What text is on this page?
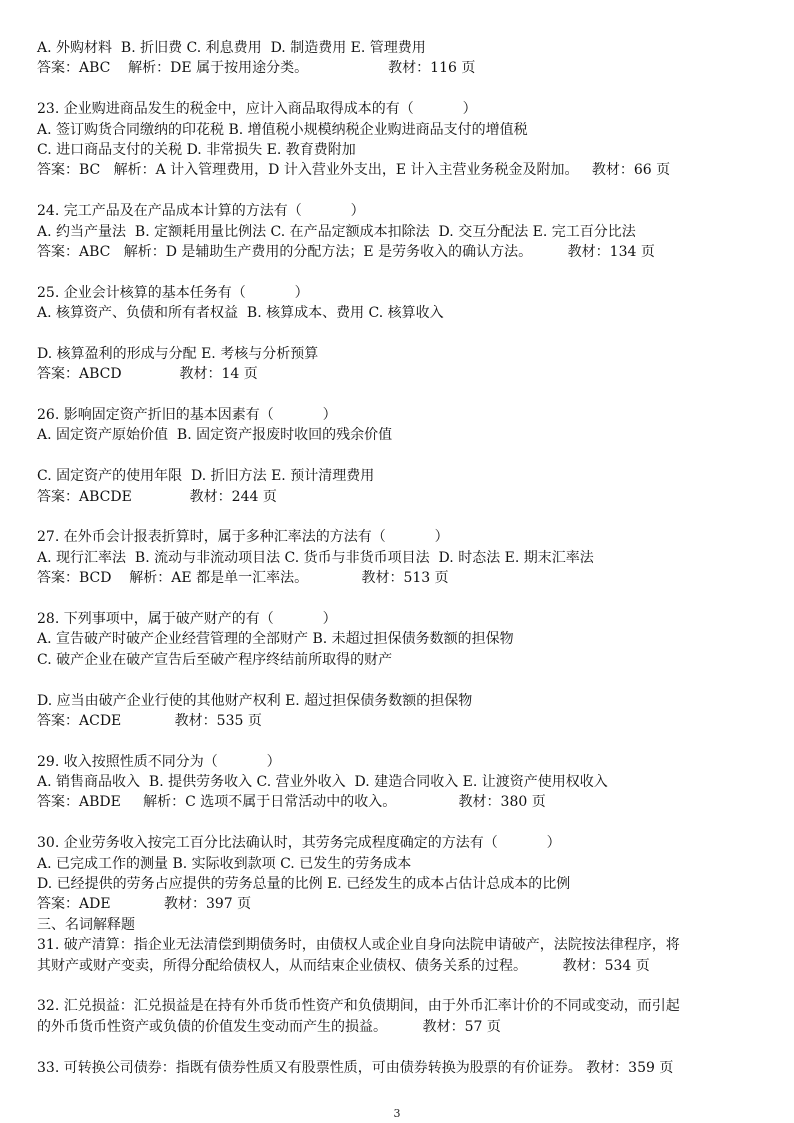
A. 外购材料  B. 折旧费 C. 利息费用  D. 制造费用 E. 管理费用
答案：ABC    解析：DE 属于按用途分类。                  教材：116 页
23. 企业购进商品发生的税金中，应计入商品取得成本的有（           ）
A. 签订购货合同缴纳的印花税 B. 增值税小规模纳税企业购进商品支付的增值税
C. 进口商品支付的关税 D. 非常损失 E. 教育费附加
答案：BC   解析：A 计入管理费用，D 计入营业外支出，E 计入主营业务税金及附加。   教材：66 页
24. 完工产品及在产品成本计算的方法有（           ）
A. 约当产量法  B. 定额耗用量比例法 C. 在产品定额成本扣除法  D. 交互分配法 E. 完工百分比法
答案：ABC   解析：D 是辅助生产费用的分配方法；E 是劳务收入的确认方法。        教材：134 页
25. 企业会计核算的基本任务有（           ）
A. 核算资产、负债和所有者权益  B. 核算成本、费用 C. 核算收入
D. 核算盈利的形成与分配 E. 考核与分析预算
答案：ABCD             教材：14 页
26. 影响固定资产折旧的基本因素有（           ）
A. 固定资产原始价值  B. 固定资产报废时收回的残余价值
C. 固定资产的使用年限  D. 折旧方法 E. 预计清理费用
答案：ABCDE             教材：244 页
27. 在外币会计报表折算时，属于多种汇率法的方法有（           ）
A. 现行汇率法  B. 流动与非流动项目法 C. 货币与非货币项目法  D. 时态法 E. 期末汇率法
答案：BCD    解析：AE 都是单一汇率法。            教材：513 页
28. 下列事项中，属于破产财产的有（           ）
A. 宣告破产时破产企业经营管理的全部财产 B. 未超过担保债务数额的担保物
C. 破产企业在破产宣告后至破产程序终结前所取得的财产
D. 应当由破产企业行使的其他财产权利 E. 超过担保债务数额的担保物
答案：ACDE            教材：535 页
29. 收入按照性质不同分为（           ）
A. 销售商品收入  B. 提供劳务收入 C. 营业外收入  D. 建造合同收入 E. 让渡资产使用权收入
答案：ABDE     解析：C 选项不属于日常活动中的收入。              教材：380 页
30. 企业劳务收入按完工百分比法确认时，其劳务完成程度确定的方法有（           ）
A. 已完成工作的测量 B. 实际收到款项 C. 已发生的劳务成本
D. 已经提供的劳务占应提供的劳务总量的比例 E. 已经发生的成本占估计总成本的比例
答案：ADE            教材：397 页
三、名词解释题
31. 破产清算：指企业无法清偿到期债务时，由债权人或企业自身向法院申请破产，法院按法律程序，将
其财产或财产变卖，所得分配给债权人，从而结束企业债权、债务关系的过程。        教材：534 页
32. 汇兑损益：汇兑损益是在持有外币货币性资产和负债期间，由于外币汇率计价的不同或变动，而引起
的外币货币性资产或负债的价值发生变动而产生的损益。        教材：57 页
33. 可转换公司债券：指既有债券性质又有股票性质，可由债券转换为股票的有价证券。 教材：359 页
3
